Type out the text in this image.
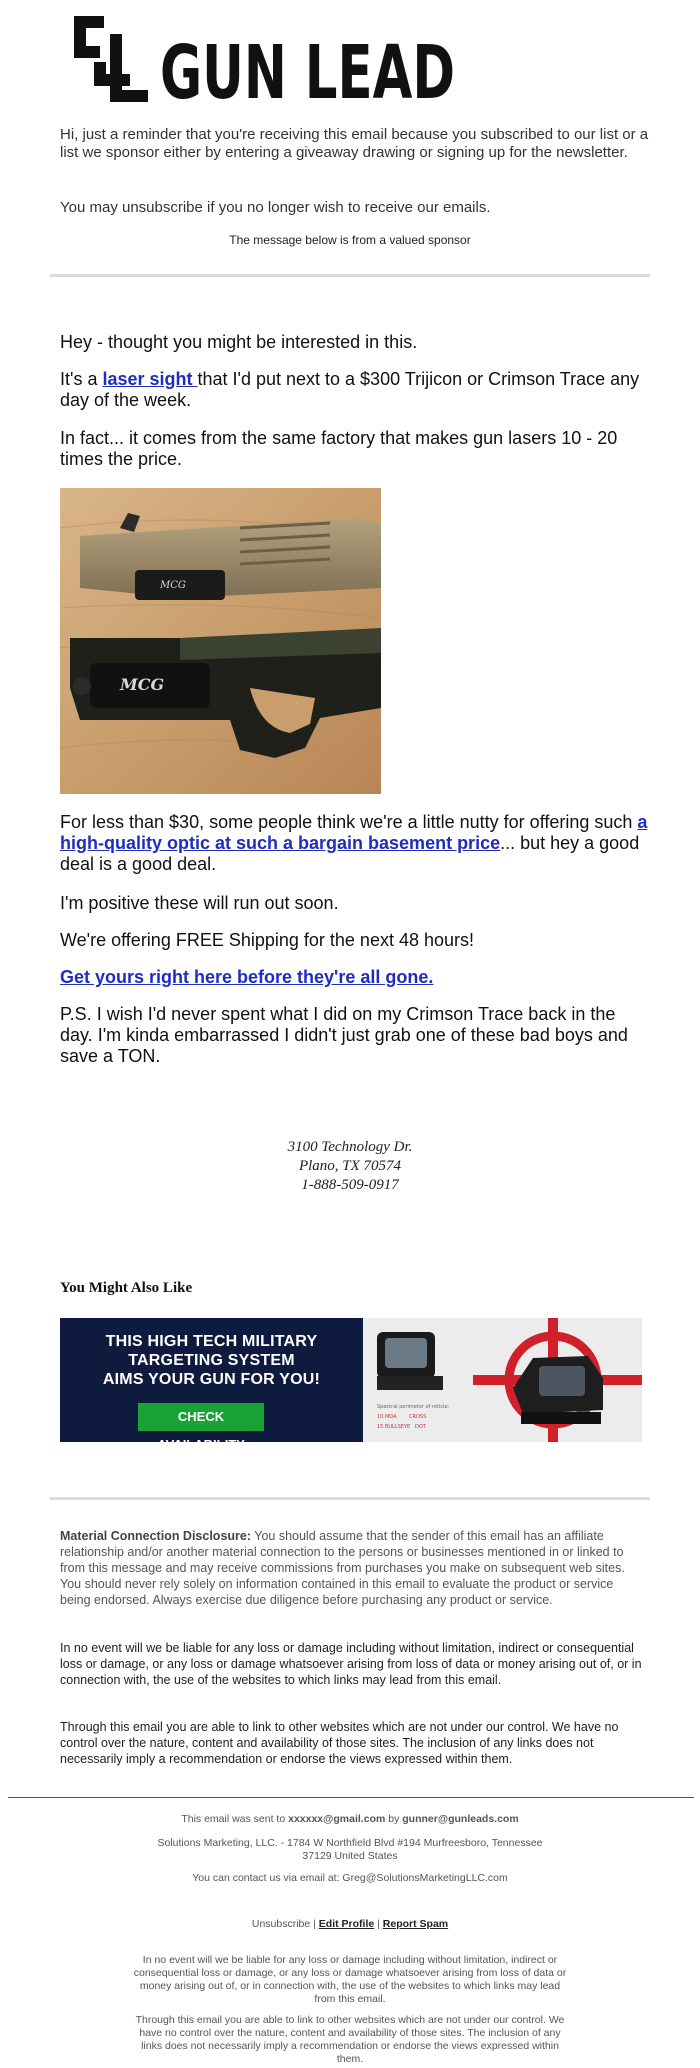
GUN LEAD

Hi, just a reminder that you're receiving this email because you subscribed to our list or a list we sponsor either by entering a giveaway drawing or signing up for the newsletter.

You may unsubscribe if you no longer wish to receive our emails.

The message below is from a valued sponsor

Hey - thought you might be interested in this.

It's a laser sight that I'd put next to a $300 Trijicon or Crimson Trace any day of the week.

In fact... it comes from the same factory that makes gun lasers 10 - 20 times the price.

MCG
MCG

For less than $30, some people think we're a little nutty for offering such a high-quality optic at such a bargain basement price... but hey a good deal is a good deal.

I'm positive these will run out soon.

We're offering FREE Shipping for the next 48 hours!

Get yours right here before they're all gone.

P.S. I wish I'd never spent what I did on my Crimson Trace back in the day. I'm kinda embarrassed I didn't just grab one of these bad boys and save a TON.

3100 Technology Dr.
Plano, TX 70574
1-888-509-0917
You Might Also Like
THIS HIGH TECH MILITARY
TARGETING SYSTEM
AIMS YOUR GUN FOR YOU!
CHECK AVAILABILITY
Spectral perimeter of reticle:
10 MOA CROSS
15 BULLSEYE DOT

Material Connection Disclosure: You should assume that the sender of this email has an affiliate relationship and/or another material connection to the persons or businesses mentioned in or linked to from this message and may receive commissions from purchases you make on subsequent web sites. You should never rely solely on information contained in this email to evaluate the product or service being endorsed. Always exercise due diligence before purchasing any product or service.

In no event will we be liable for any loss or damage including without limitation, indirect or consequential loss or damage, or any loss or damage whatsoever arising from loss of data or money arising out of, or in connection with, the use of the websites to which links may lead from this email.

Through this email you are able to link to other websites which are not under our control. We have no control over the nature, content and availability of those sites. The inclusion of any links does not necessarily imply a recommendation or endorse the views expressed within them.

This email was sent to xxxxxx@gmail.com by gunner@gunleads.com

Solutions Marketing, LLC. - 1784 W Northfield Blvd #194 Murfreesboro, Tennessee

37129 United States

You can contact us via email at: Greg@SolutionsMarketingLLC.com

Unsubscribe | Edit Profile | Report Spam

In no event will we be liable for any loss or damage including without limitation, indirect or consequential loss or damage, or any loss or damage whatsoever arising from loss of data or money arising out of, or in connection with, the use of the websites to which links may lead from this email.

Through this email you are able to link to other websites which are not under our control. We have no control over the nature, content and availability of those sites. The inclusion of any links does not necessarily imply a recommendation or endorse the views expressed within them.
